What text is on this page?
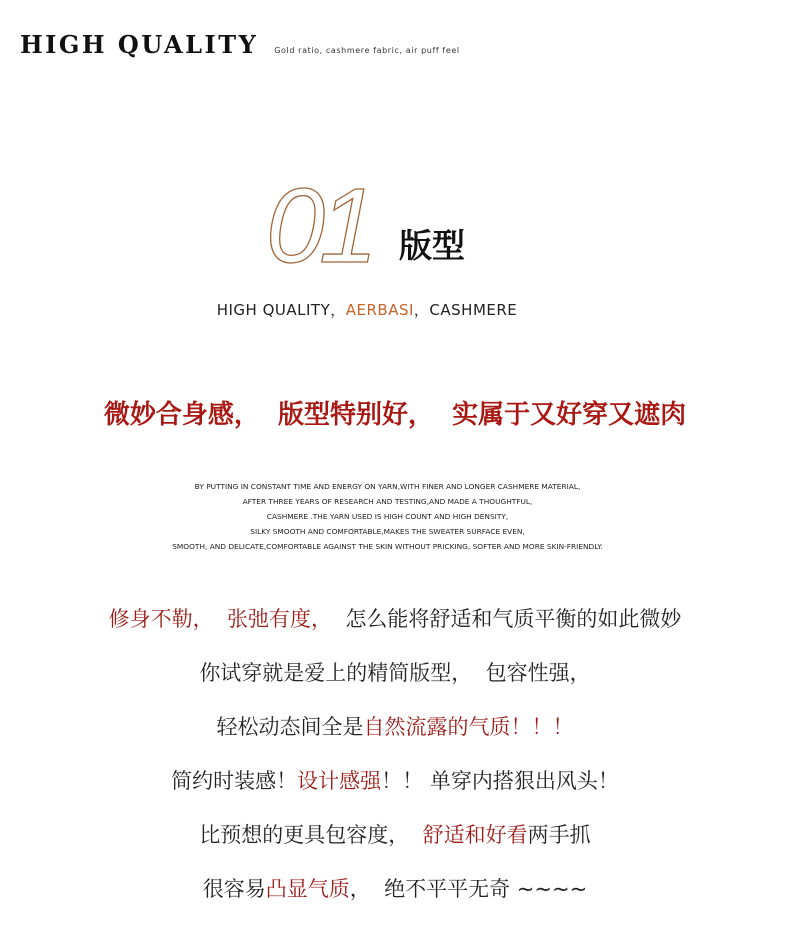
HIGH QUALITY Gold ratio, cashmere fabric, air puff feel
01 版型
HIGH QUALITY，AERBASI，CASHMERE
微妙合身感，  版型特别好，  实属于又好穿又遮肉
BY PUTTING IN CONSTANT TIME AND ENERGY ON YARN,WITH FINER AND LONGER CASHMERE MATERIAL,
AFTER THREE YEARS OF RESEARCH AND TESTING,AND MADE A THOUGHTFUL,
CASHMERE .THE YARN USED IS HIGH COUNT AND HIGH DENSITY,
SILKY SMOOTH AND COMFORTABLE,MAKES THE SWEATER SURFACE EVEN,
SMOOTH, AND DELICATE,COMFORTABLE AGAINST THE SKIN WITHOUT PRICKING, SOFTER AND MORE SKIN-FRIENDLY.
修身不勒，  张弛有度，  怎么能将舒适和气质平衡的如此微妙
你试穿就是爱上的精简版型，  包容性强，
轻松动态间全是自然流露的气质！！！
简约时装感！设计感强！！ 单穿内搭狠出风头！
比预想的更具包容度，  舒适和好看两手抓
很容易凸显气质，  绝不平平无奇 ~~~~
